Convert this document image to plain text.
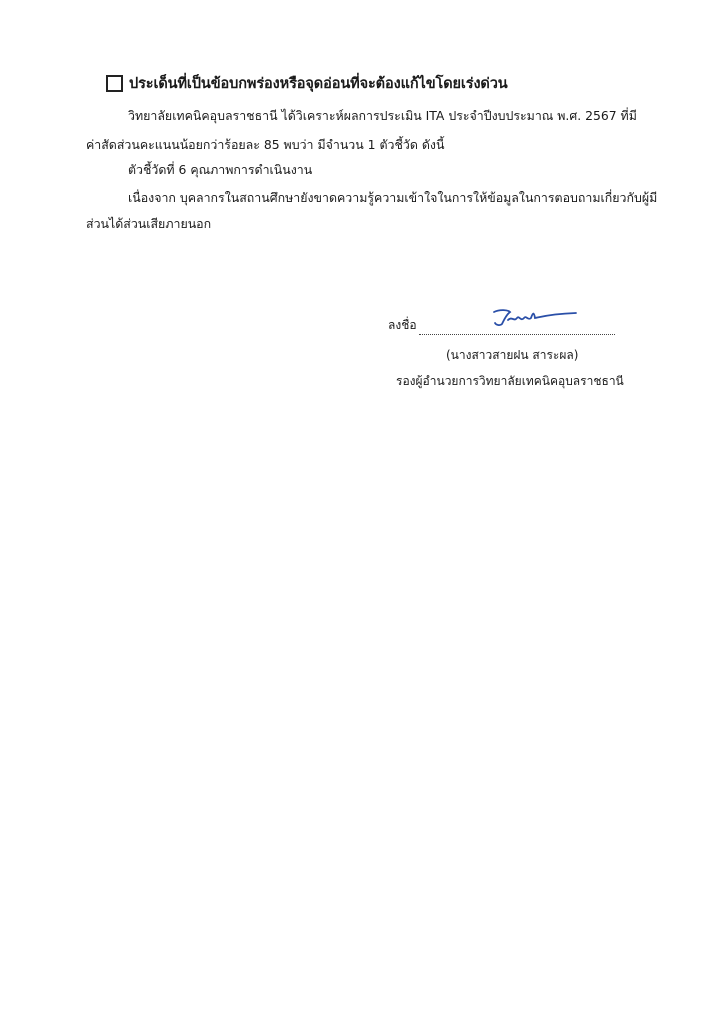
ประเด็นที่เป็นข้อบกพร่องหรือจุดอ่อนที่จะต้องแก้ไขโดยเร่งด่วน
วิทยาลัยเทคนิคอุบลราชธานี ได้วิเคราะห์ผลการประเมิน ITA ประจำปีงบประมาณ พ.ศ. 2567 ที่มี
ค่าสัดส่วนคะแนนน้อยกว่าร้อยละ 85 พบว่า มีจำนวน 1 ตัวชี้วัด ดังนี้
ตัวชี้วัดที่ 6 คุณภาพการดำเนินงาน
เนื่องจาก บุคลากรในสถานศึกษายังขาดความรู้ความเข้าใจในการให้ข้อมูลในการตอบถามเกี่ยวกับผู้มี
ส่วนได้ส่วนเสียภายนอก
ลงชื่อ
(นางสาวสายฝน สาระผล)
รองผู้อำนวยการวิทยาลัยเทคนิคอุบลราชธานี
